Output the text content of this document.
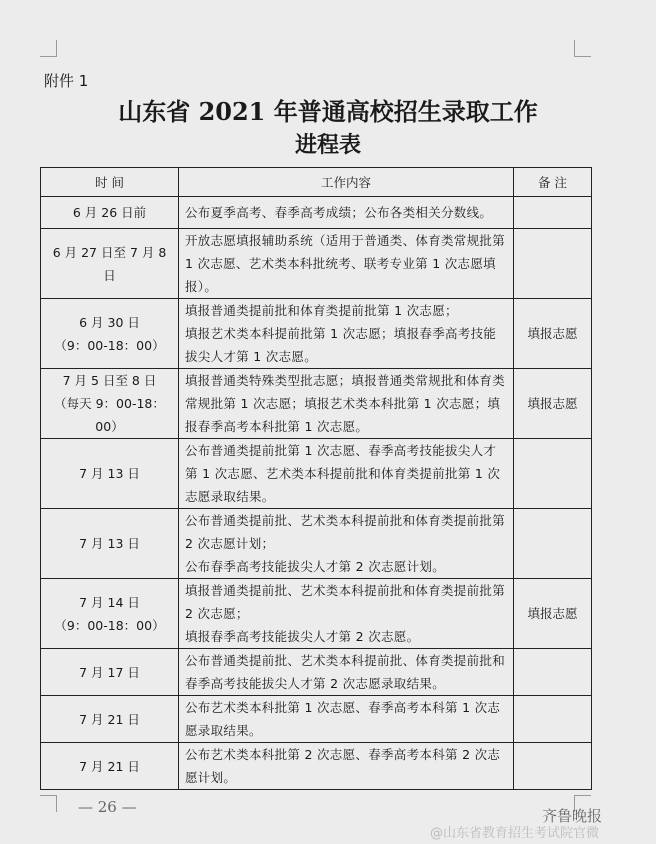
附件 1
山东省 2021 年普通高校招生录取工作
进程表
时 间	工作内容	备 注
6 月 26 日前	公布夏季高考、春季高考成绩；公布各类相关分数线。	
6 月 27 日至 7 月 8 日	开放志愿填报辅助系统（适用于普通类、体育类常规批第 1 次志愿、艺术类本科批统考、联考专业第 1 次志愿填报）。	
6 月 30 日
（9：00-18：00）	填报普通类提前批和体育类提前批第 1 次志愿；
填报艺术类本科提前批第 1 次志愿；填报春季高考技能拔尖人才第 1 次志愿。	填报志愿
7 月 5 日至 8 日
（每天 9：00-18：00）	填报普通类特殊类型批志愿；填报普通类常规批和体育类常规批第 1 次志愿；填报艺术类本科批第 1 次志愿；填报春季高考本科批第 1 次志愿。	填报志愿
7 月 13 日	公布普通类提前批第 1 次志愿、春季高考技能拔尖人才第 1 次志愿、艺术类本科提前批和体育类提前批第 1 次志愿录取结果。	
7 月 13 日	公布普通类提前批、艺术类本科提前批和体育类提前批第 2 次志愿计划；
公布春季高考技能拔尖人才第 2 次志愿计划。	
7 月 14 日
（9：00-18：00）	填报普通类提前批、艺术类本科提前批和体育类提前批第 2 次志愿；
填报春季高考技能拔尖人才第 2 次志愿。	填报志愿
7 月 17 日	公布普通类提前批、艺术类本科提前批、体育类提前批和春季高考技能拔尖人才第 2 次志愿录取结果。	
7 月 21 日	公布艺术类本科批第 1 次志愿、春季高考本科第 1 次志愿录取结果。	
7 月 21 日	公布艺术类本科批第 2 次志愿、春季高考本科第 2 次志愿计划。	
— 26 —	齐鲁晚报
@山东省教育招生考试院官微
